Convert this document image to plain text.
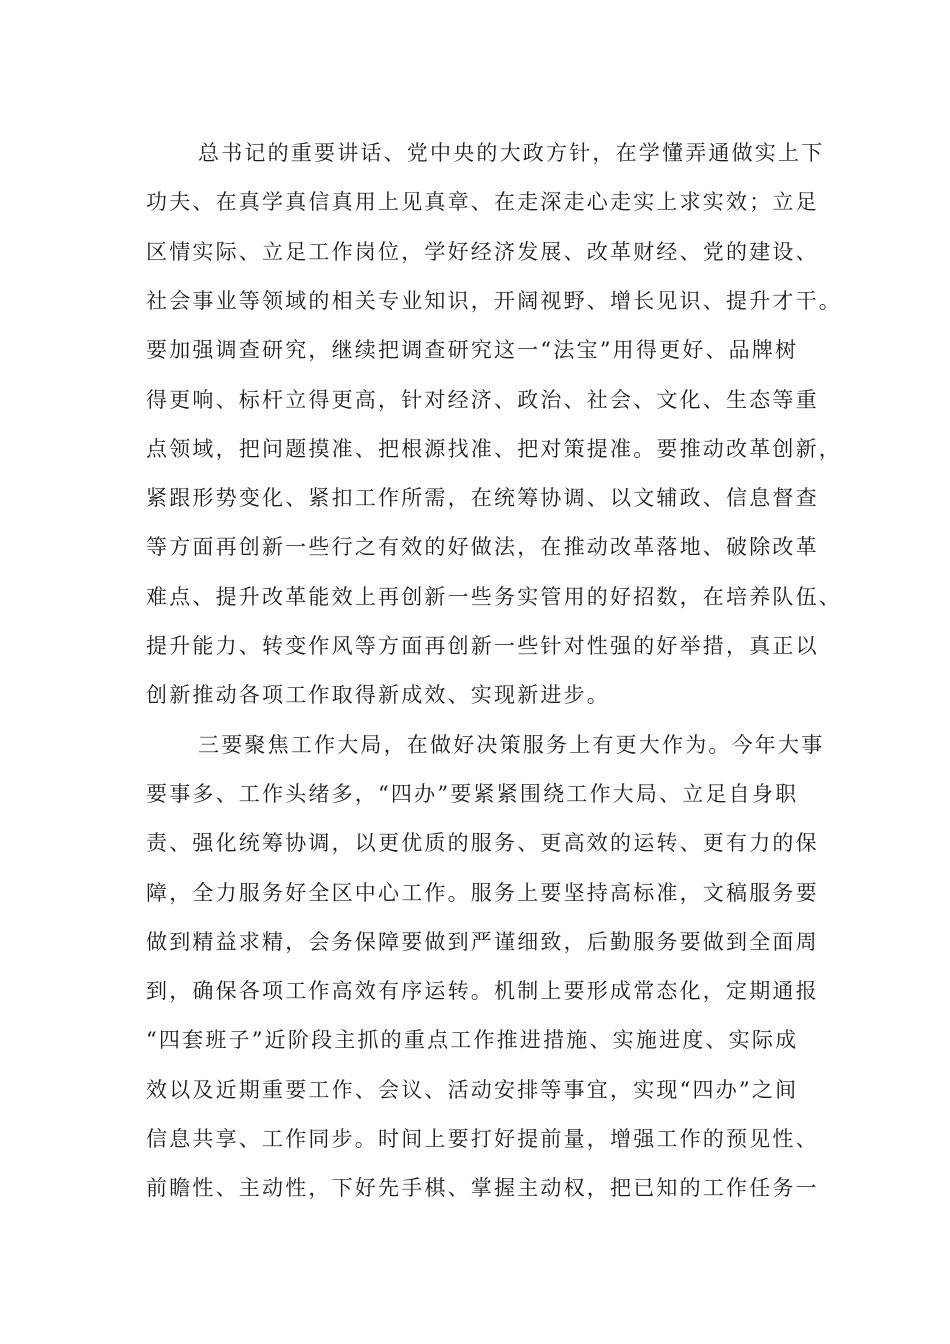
总书记的重要讲话、党中央的大政方针，在学懂弄通做实上下
功夫、在真学真信真用上见真章、在走深走心走实上求实效；立足
区情实际、立足工作岗位，学好经济发展、改革财经、党的建设、
社会事业等领域的相关专业知识，开阔视野、增长见识、提升才干。
要加强调查研究，继续把调查研究这一“法宝”用得更好、品牌树
得更响、标杆立得更高，针对经济、政治、社会、文化、生态等重
点领域，把问题摸准、把根源找准、把对策提准。要推动改革创新，
紧跟形势变化、紧扣工作所需，在统筹协调、以文辅政、信息督查
等方面再创新一些行之有效的好做法，在推动改革落地、破除改革
难点、提升改革能效上再创新一些务实管用的好招数，在培养队伍、
提升能力、转变作风等方面再创新一些针对性强的好举措，真正以
创新推动各项工作取得新成效、实现新进步。
三要聚焦工作大局，在做好决策服务上有更大作为。今年大事
要事多、工作头绪多，“四办”要紧紧围绕工作大局、立足自身职
责、强化统筹协调，以更优质的服务、更高效的运转、更有力的保
障，全力服务好全区中心工作。服务上要坚持高标准，文稿服务要
做到精益求精，会务保障要做到严谨细致，后勤服务要做到全面周
到，确保各项工作高效有序运转。机制上要形成常态化，定期通报
“四套班子”近阶段主抓的重点工作推进措施、实施进度、实际成
效以及近期重要工作、会议、活动安排等事宜，实现“四办”之间
信息共享、工作同步。时间上要打好提前量，增强工作的预见性、
前瞻性、主动性，下好先手棋、掌握主动权，把已知的工作任务一
